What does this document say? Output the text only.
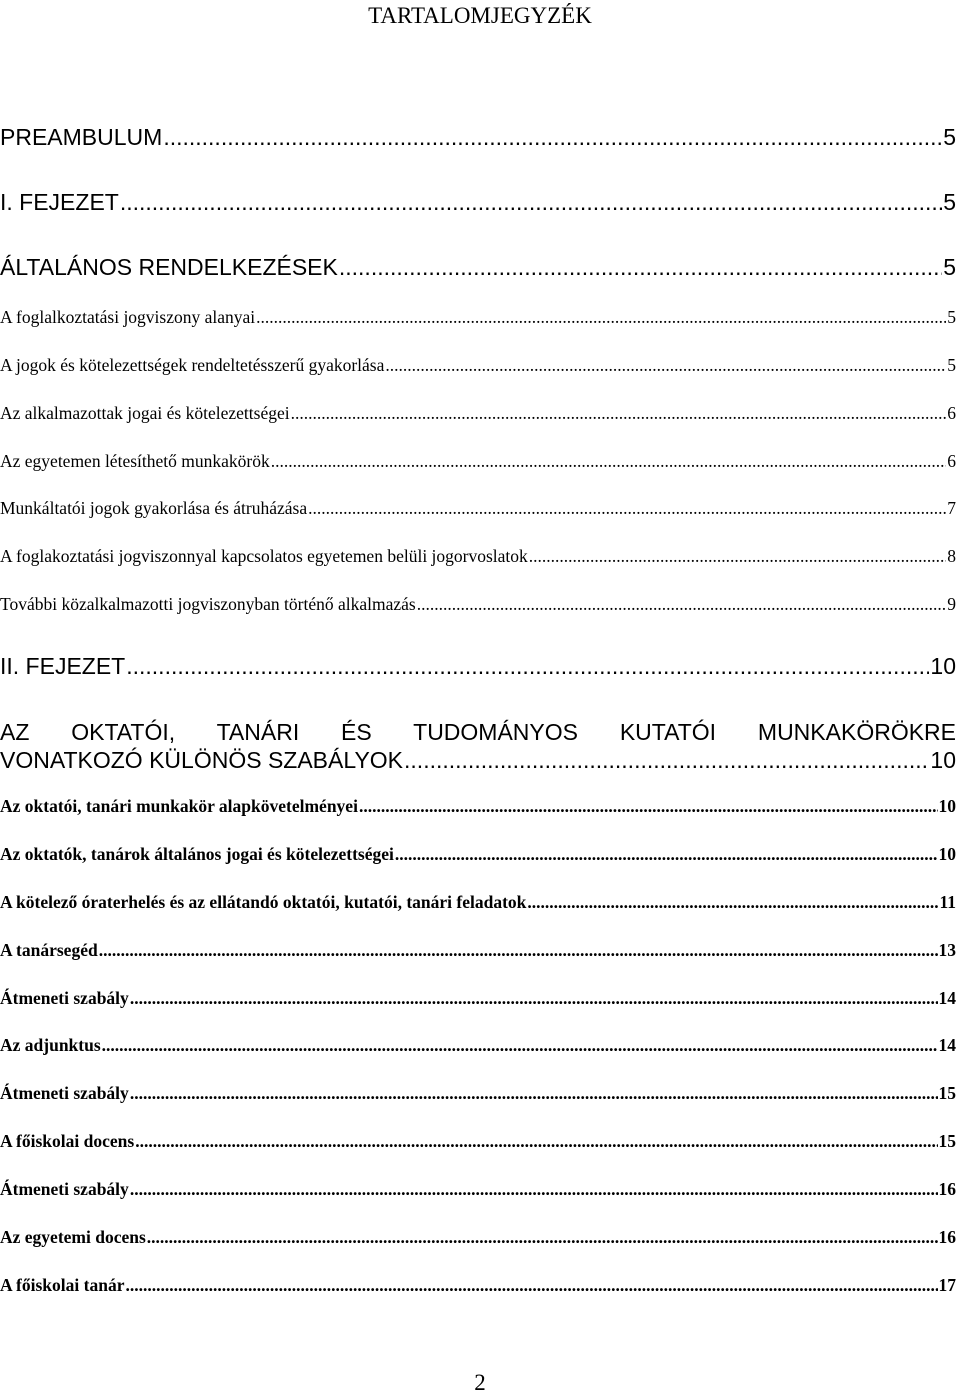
TARTALOMJEGYZÉK
PREAMBULUM .....	5
I. FEJEZET .....	5
ÁLTALÁNOS RENDELKEZÉSEK .....	5
A foglalkoztatási jogviszony alanyai .....	5
A jogok és kötelezettségek rendeltetésszerű gyakorlása .....	5
Az alkalmazottak jogai és kötelezettségei .....	6
Az egyetemen létesíthető munkakörök .....	6
Munkáltatói jogok gyakorlása és átruházása .....	7
A foglakoztatási jogviszonnyal kapcsolatos egyetemen belüli jogorvoslatok .....	8
További közalkalmazotti jogviszonyban történő alkalmazás .....	9
II. FEJEZET .....	10
AZ OKTATÓI, TANÁRI ÉS TUDOMÁNYOS KUTATÓI MUNKAKÖRÖKRE
VONATKOZÓ KÜLÖNÖS SZABÁLYOK .....	10
Az oktatói, tanári munkakör alapkövetelményei .....	10
Az oktatók, tanárok általános jogai és kötelezettségei .....	10
A kötelező óraterhelés és az ellátandó oktatói, kutatói, tanári feladatok .....	11
A tanársegéd .....	13
Átmeneti szabály .....	14
Az adjunktus .....	14
Átmeneti szabály .....	15
A főiskolai docens .....	15
Átmeneti szabály .....	16
Az egyetemi docens .....	16
A főiskolai tanár .....	17
2
